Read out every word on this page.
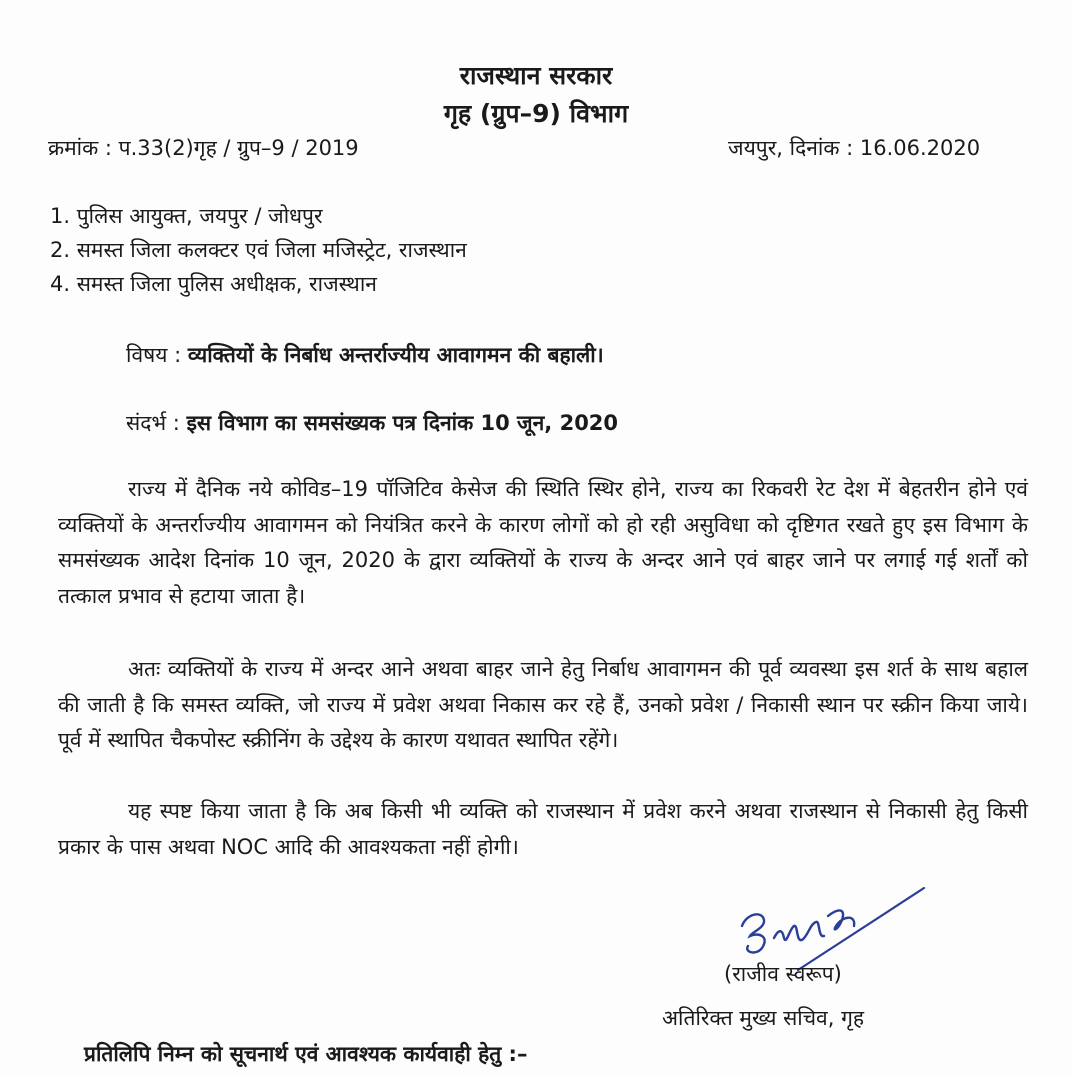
राजस्थान सरकार
गृह (ग्रुप–9) विभाग
क्रमांक : प.33(2)गृह / ग्रुप–9 / 2019	जयपुर, दिनांक : 16.06.2020
1. पुलिस आयुक्त, जयपुर / जोधपुर
2. समस्त जिला कलक्टर एवं जिला मजिस्ट्रेट, राजस्थान
4. समस्त जिला पुलिस अधीक्षक, राजस्थान
विषय : व्यक्तियों के निर्बाध अन्तर्राज्यीय आवागमन की बहाली।
संदर्भ : इस विभाग का समसंख्यक पत्र दिनांक 10 जून, 2020
राज्य में दैनिक नये कोविड–19 पॉजिटिव केसेज की स्थिति स्थिर होने, राज्य का रिकवरी रेट देश में बेहतरीन होने एवं व्यक्तियों के अन्तर्राज्यीय आवागमन को नियंत्रित करने के कारण लोगों को हो रही असुविधा को दृष्टिगत रखते हुए इस विभाग के समसंख्यक आदेश दिनांक 10 जून, 2020 के द्वारा व्यक्तियों के राज्य के अन्दर आने एवं बाहर जाने पर लगाई गई शर्तों को तत्काल प्रभाव से हटाया जाता है।
अतः व्यक्तियों के राज्य में अन्दर आने अथवा बाहर जाने हेतु निर्बाध आवागमन की पूर्व व्यवस्था इस शर्त के साथ बहाल की जाती है कि समस्त व्यक्ति, जो राज्य में प्रवेश अथवा निकास कर रहे हैं, उनको प्रवेश / निकासी स्थान पर स्क्रीन किया जाये। पूर्व में स्थापित चैकपोस्ट स्क्रीनिंग के उद्देश्य के कारण यथावत स्थापित रहेंगे।
यह स्पष्ट किया जाता है कि अब किसी भी व्यक्ति को राजस्थान में प्रवेश करने अथवा राजस्थान से निकासी हेतु किसी प्रकार के पास अथवा NOC आदि की आवश्यकता नहीं होगी।
(राजीव स्वरूप)
अतिरिक्त मुख्य सचिव, गृह
प्रतिलिपि निम्न को सूचनार्थ एवं आवश्यक कार्यवाही हेतु :–
